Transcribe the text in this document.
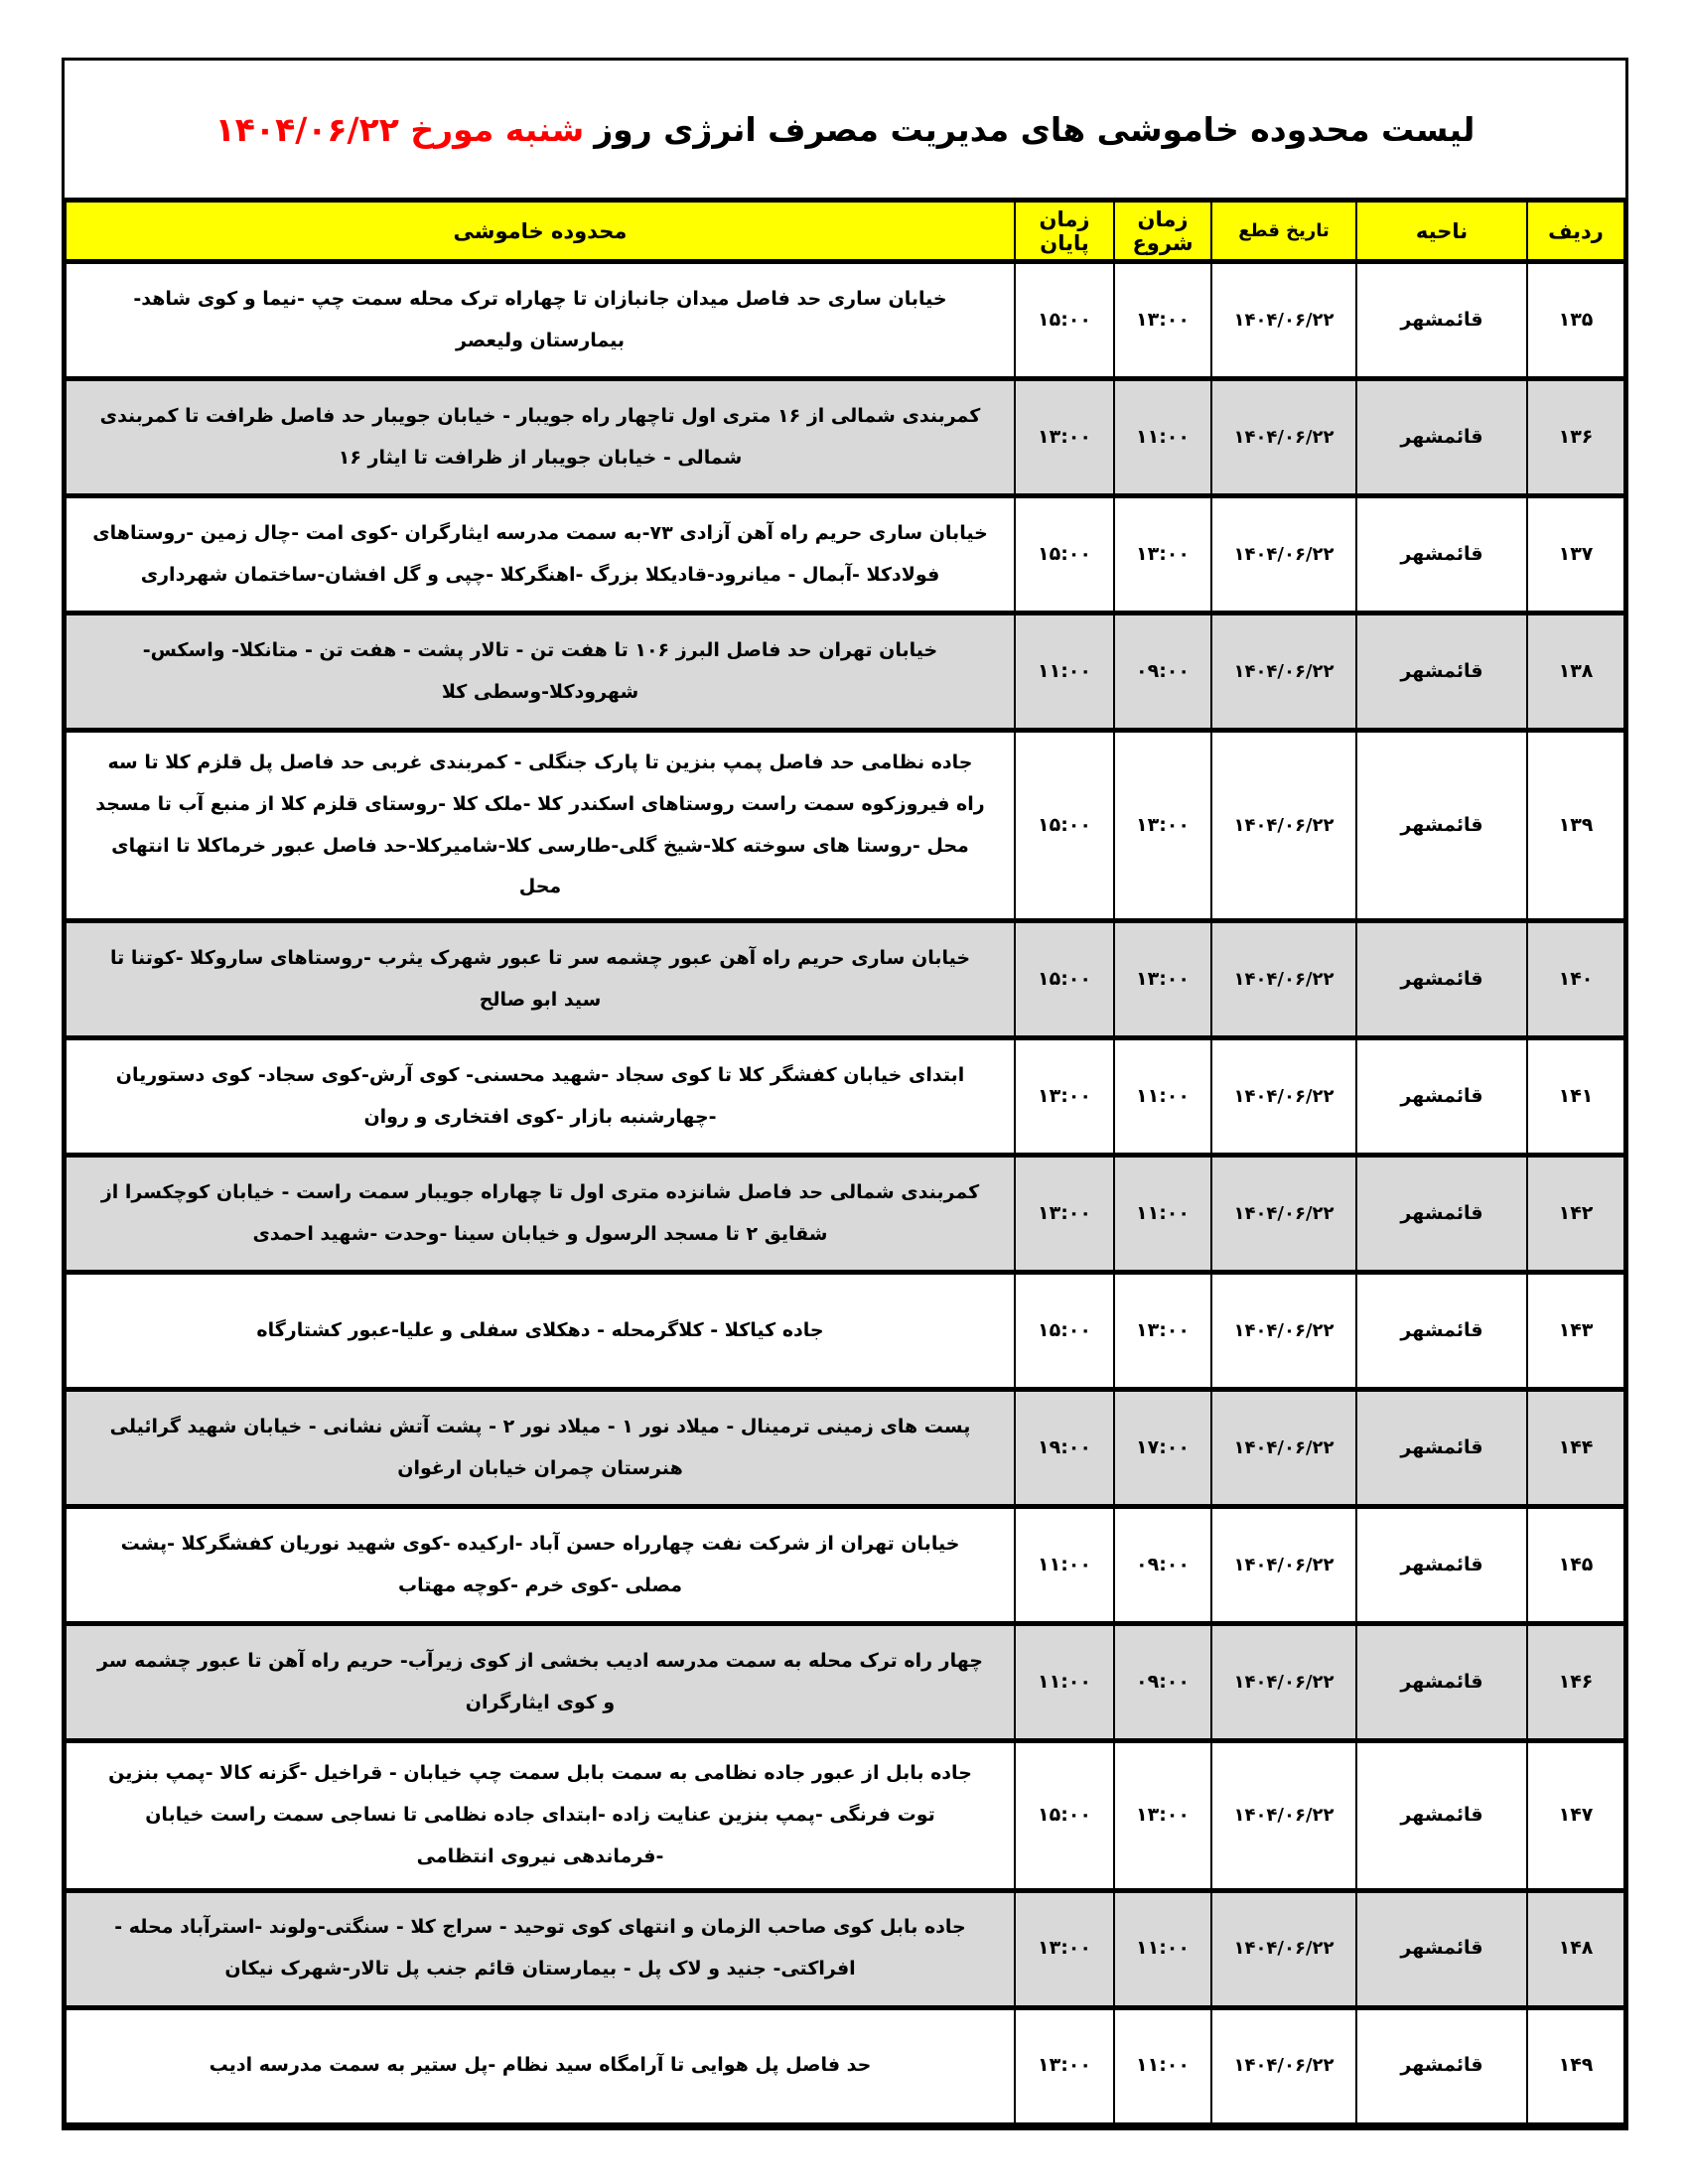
لیست محدوده خاموشی های مدیریت مصرف انرژی روز
شنبه مورخ ۱۴۰۴/۰۶/۲۲
ردیف	ناحیه	تاریخ قطع	زمان شروع	زمان پایان	محدوده خاموشی
۱۳۵	قائمشهر	۱۴۰۴/۰۶/۲۲	۱۳:۰۰	۱۵:۰۰	خیابان ساری حد فاصل میدان جانبازان تا چهاراه ترک محله سمت چپ -نیما و کوی شاهد-بیمارستان ولیعصر
۱۳۶	قائمشهر	۱۴۰۴/۰۶/۲۲	۱۱:۰۰	۱۳:۰۰	کمربندی شمالی از ۱۶ متری اول تاچهار راه جویبار - خیابان جویبار حد فاصل ظرافت تا کمربندی شمالی - خیابان جویبار از ظرافت تا ایثار ۱۶
۱۳۷	قائمشهر	۱۴۰۴/۰۶/۲۲	۱۳:۰۰	۱۵:۰۰	خیابان ساری حریم راه آهن آزادی ۷۳-به سمت مدرسه ایثارگران -کوی امت -چال زمین -روستاهای فولادکلا -آبمال - میانرود-قادیکلا بزرگ -اهنگرکلا -چپی و گل افشان-ساختمان شهرداری
۱۳۸	قائمشهر	۱۴۰۴/۰۶/۲۲	۰۹:۰۰	۱۱:۰۰	خیابان تهران حد فاصل البرز ۱۰۶ تا هفت تن - تالار پشت - هفت تن - متانکلا- واسکس- شهرودکلا-وسطی کلا
۱۳۹	قائمشهر	۱۴۰۴/۰۶/۲۲	۱۳:۰۰	۱۵:۰۰	جاده نظامی حد فاصل پمپ بنزین تا پارک جنگلی - کمربندی غربی حد فاصل پل قلزم کلا تا سه راه فیروزکوه سمت راست روستاهای اسکندر کلا -ملک کلا -روستای قلزم کلا از منبع آب تا مسجد محل -روستا های سوخته کلا-شیخ گلی-طارسی کلا-شامیرکلا-حد فاصل عبور خرماکلا تا انتهای محل
۱۴۰	قائمشهر	۱۴۰۴/۰۶/۲۲	۱۳:۰۰	۱۵:۰۰	خیابان ساری حریم راه آهن عبور چشمه سر تا عبور شهرک یثرب -روستاهای ساروکلا -کوتنا تا سید ابو صالح
۱۴۱	قائمشهر	۱۴۰۴/۰۶/۲۲	۱۱:۰۰	۱۳:۰۰	ابتدای خیابان کفشگر کلا تا کوی سجاد -شهید محسنی- کوی آرش-کوی سجاد- کوی دستوریان -چهارشنبه بازار -کوی افتخاری و روان
۱۴۲	قائمشهر	۱۴۰۴/۰۶/۲۲	۱۱:۰۰	۱۳:۰۰	کمربندی شمالی حد فاصل شانزده متری اول تا چهاراه جویبار سمت راست - خیابان کوچکسرا از شقایق ۲ تا مسجد الرسول و خیابان سینا -وحدت -شهید احمدی
۱۴۳	قائمشهر	۱۴۰۴/۰۶/۲۲	۱۳:۰۰	۱۵:۰۰	جاده کیاکلا - کلاگرمحله - دهکلای سفلی و علیا-عبور کشتارگاه
۱۴۴	قائمشهر	۱۴۰۴/۰۶/۲۲	۱۷:۰۰	۱۹:۰۰	پست های زمینی ترمینال - میلاد نور ۱ - میلاد نور ۲ - پشت آتش نشانی - خیابان شهید گرائیلی هنرستان چمران خیابان ارغوان
۱۴۵	قائمشهر	۱۴۰۴/۰۶/۲۲	۰۹:۰۰	۱۱:۰۰	خیابان تهران از شرکت نفت چهارراه حسن آباد -ارکیده -کوی شهید نوریان کفشگرکلا -پشت مصلی -کوی خرم -کوچه مهتاب
۱۴۶	قائمشهر	۱۴۰۴/۰۶/۲۲	۰۹:۰۰	۱۱:۰۰	چهار راه ترک محله به سمت مدرسه ادیب بخشی از کوی زیرآب- حریم راه آهن تا عبور چشمه سر و کوی ایثارگران
۱۴۷	قائمشهر	۱۴۰۴/۰۶/۲۲	۱۳:۰۰	۱۵:۰۰	جاده بابل از عبور جاده نظامی به سمت بابل سمت چپ خیابان - قراخیل -گزنه کالا -پمپ بنزین توت فرنگی -پمپ بنزین عنایت زاده -ابتدای جاده نظامی تا نساجی سمت راست خیابان -فرماندهی نیروی انتظامی
۱۴۸	قائمشهر	۱۴۰۴/۰۶/۲۲	۱۱:۰۰	۱۳:۰۰	جاده بابل کوی صاحب الزمان و انتهای کوی توحید - سراج کلا - سنگتی-ولوند -استرآباد محله - افراکتی- جنید و لاک پل - بیمارستان قائم جنب پل تالار-شهرک نیکان
۱۴۹	قائمشهر	۱۴۰۴/۰۶/۲۲	۱۱:۰۰	۱۳:۰۰	حد فاصل پل هوایی تا آرامگاه سید نظام -پل ستیر به سمت مدرسه ادیب
